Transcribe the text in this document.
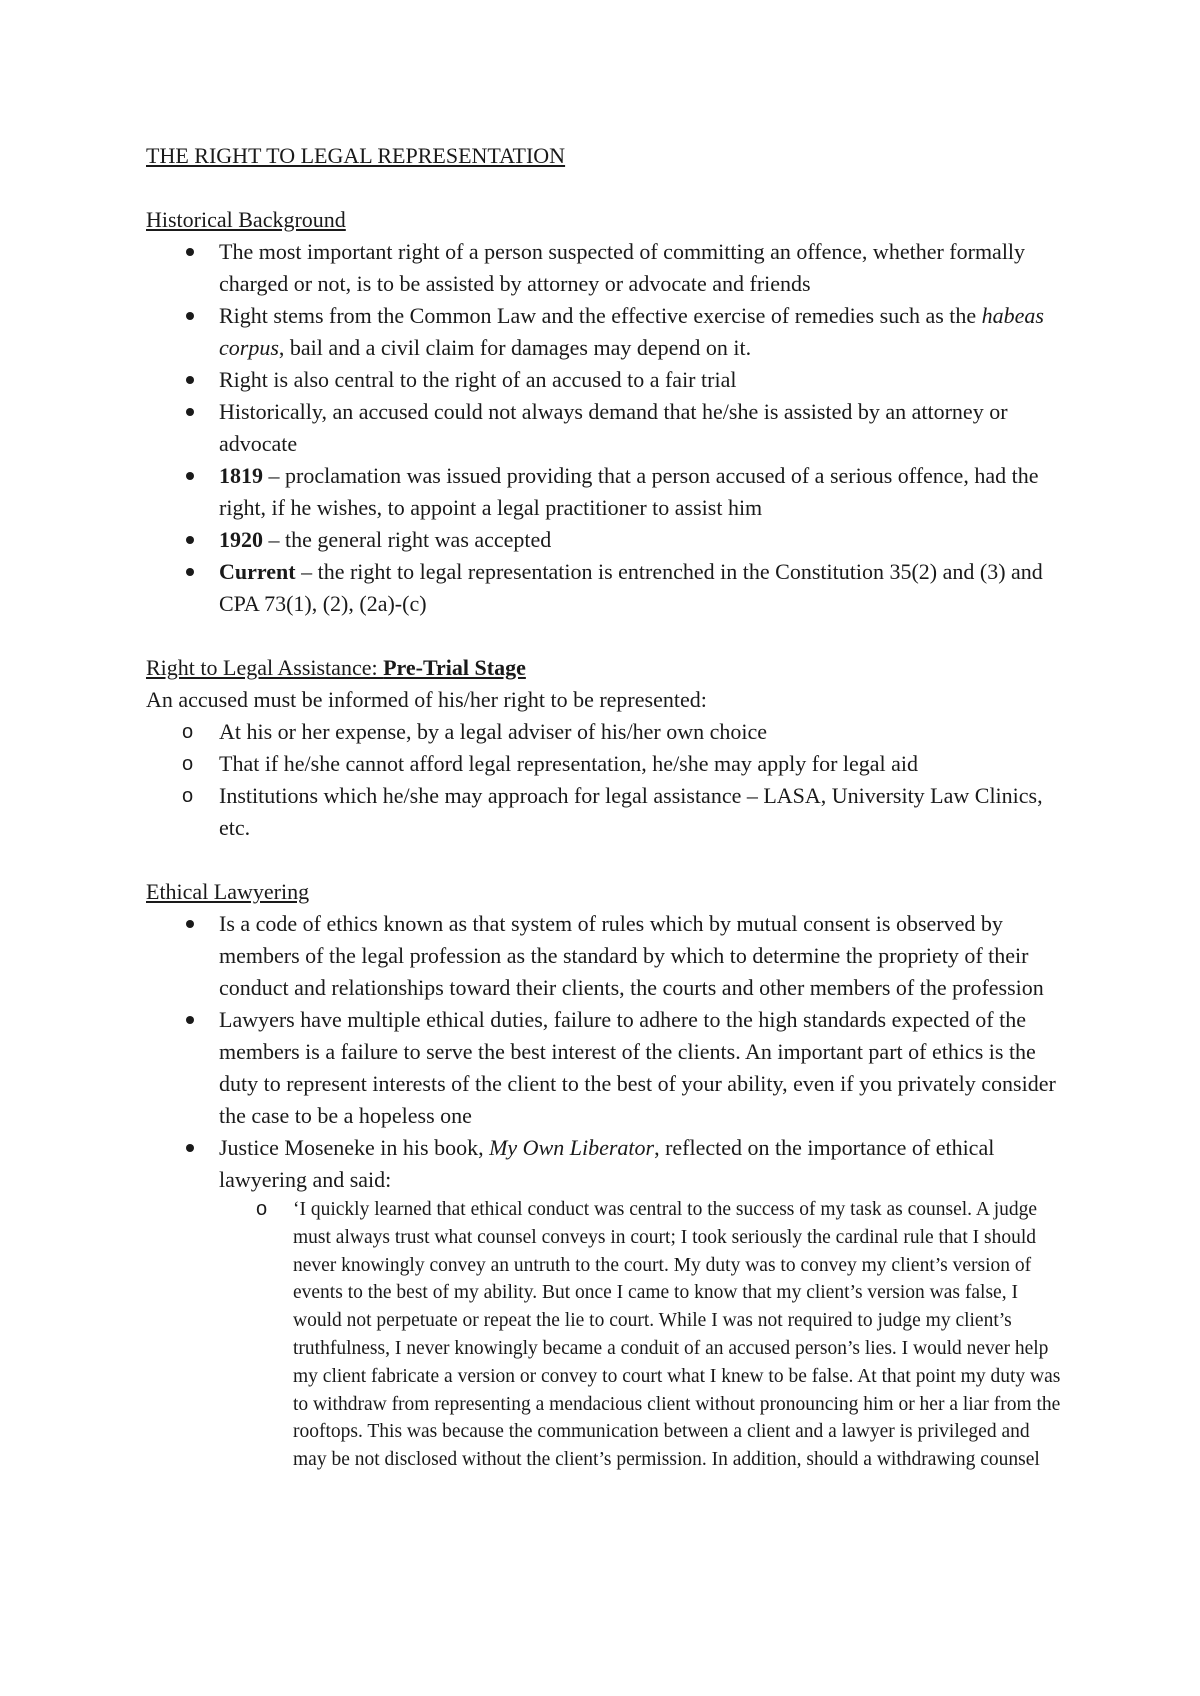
THE RIGHT TO LEGAL REPRESENTATION

Historical Background

The most important right of a person suspected of committing an offence, whether formally charged or not, is to be assisted by attorney or advocate and friends
Right stems from the Common Law and the effective exercise of remedies such as the habeas corpus, bail and a civil claim for damages may depend on it.
Right is also central to the right of an accused to a fair trial
Historically, an accused could not always demand that he/she is assisted by an attorney or advocate
1819 – proclamation was issued providing that a person accused of a serious offence, had the right, if he wishes, to appoint a legal practitioner to assist him
1920 – the general right was accepted
Current – the right to legal representation is entrenched in the Constitution 35(2) and (3) and CPA 73(1), (2), (2a)-(c)

Right to Legal Assistance: Pre-Trial Stage

An accused must be informed of his/her right to be represented:

o At his or her expense, by a legal adviser of his/her own choice
o That if he/she cannot afford legal representation, he/she may apply for legal aid
o Institutions which he/she may approach for legal assistance – LASA, University Law Clinics, etc.

Ethical Lawyering

Is a code of ethics known as that system of rules which by mutual consent is observed by members of the legal profession as the standard by which to determine the propriety of their conduct and relationships toward their clients, the courts and other members of the profession
Lawyers have multiple ethical duties, failure to adhere to the high standards expected of the members is a failure to serve the best interest of the clients. An important part of ethics is the duty to represent interests of the client to the best of your ability, even if you privately consider the case to be a hopeless one
Justice Moseneke in his book, My Own Liberator, reflected on the importance of ethical lawyering and said:
o ‘I quickly learned that ethical conduct was central to the success of my task as counsel. A judge must always trust what counsel conveys in court; I took seriously the cardinal rule that I should never knowingly convey an untruth to the court. My duty was to convey my client’s version of events to the best of my ability. But once I came to know that my client’s version was false, I would not perpetuate or repeat the lie to court. While I was not required to judge my client’s truthfulness, I never knowingly became a conduit of an accused person’s lies. I would never help my client fabricate a version or convey to court what I knew to be false. At that point my duty was to withdraw from representing a mendacious client without pronouncing him or her a liar from the rooftops. This was because the communication between a client and a lawyer is privileged and may be not disclosed without the client’s permission. In addition, should a withdrawing counsel
